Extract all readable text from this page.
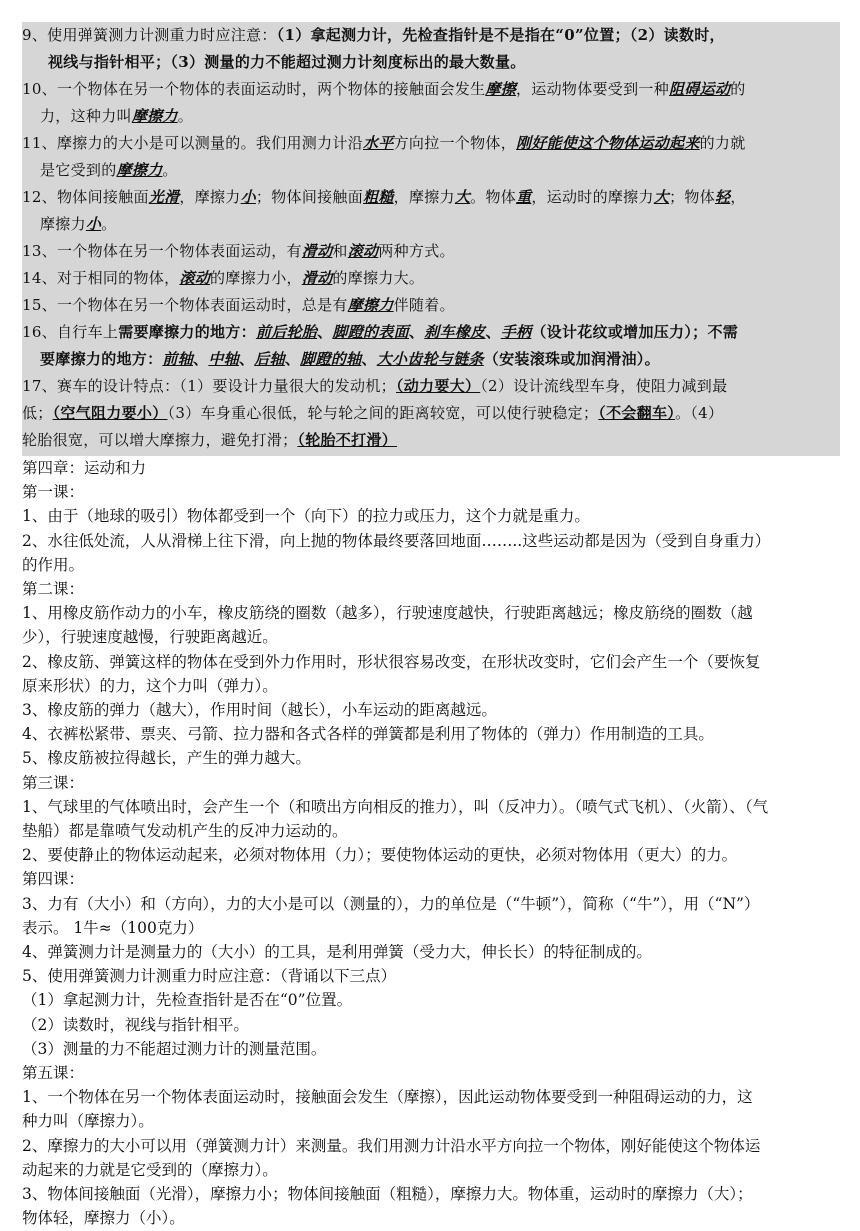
9、使用弹簧测力计测重力时应注意：（1）拿起测力计，先检查指针是不是指在“0”位置；（2）读数时，
视线与指针相平；（3）测量的力不能超过测力计刻度标出的最大数量。
10、一个物体在另一个物体的表面运动时，两个物体的接触面会发生摩擦，运动物体要受到一种阻碍运动的
力，这种力叫摩擦力。
11、摩擦力的大小是可以测量的。我们用测力计沿水平方向拉一个物体，刚好能使这个物体运动起来的力就
是它受到的摩擦力。
12、物体间接触面光滑，摩擦力小；物体间接触面粗糙，摩擦力大。物体重，运动时的摩擦力大；物体轻，
摩擦力小。
13、一个物体在另一个物体表面运动，有滑动和滚动两种方式。
14、对于相同的物体，滚动的摩擦力小，滑动的摩擦力大。
15、一个物体在另一个物体表面运动时，总是有摩擦力伴随着。
16、自行车上需要摩擦力的地方：前后轮胎、脚蹬的表面、刹车橡皮、手柄（设计花纹或增加压力）；不需
要摩擦力的地方：前轴、中轴、后轴、脚蹬的轴、大小齿轮与链条（安装滚珠或加润滑油）。
17、赛车的设计特点：（1）要设计力量很大的发动机；（动力要大）（2）设计流线型车身，使阻力减到最
低；（空气阻力要小）（3）车身重心很低，轮与轮之间的距离较宽，可以使行驶稳定；（不会翻车）。（4）
轮胎很宽，可以增大摩擦力，避免打滑；（轮胎不打滑）

第四章：运动和力

第一课：

1、由于（地球的吸引）物体都受到一个（向下）的拉力或压力，这个力就是重力。

2、水往低处流，人从滑梯上往下滑，向上抛的物体最终要落回地面……..这些运动都是因为（受到自身重力）

的作用。

第二课：

1、用橡皮筋作动力的小车，橡皮筋绕的圈数（越多），行驶速度越快，行驶距离越远；橡皮筋绕的圈数（越

少），行驶速度越慢，行驶距离越近。

2、橡皮筋、弹簧这样的物体在受到外力作用时，形状很容易改变，在形状改变时，它们会产生一个（要恢复

原来形状）的力，这个力叫（弹力）。

3、橡皮筋的弹力（越大），作用时间（越长），小车运动的距离越远。

4、衣裤松紧带、票夹、弓箭、拉力器和各式各样的弹簧都是利用了物体的（弹力）作用制造的工具。

5、橡皮筋被拉得越长，产生的弹力越大。

第三课：

1、气球里的气体喷出时，会产生一个（和喷出方向相反的推力），叫（反冲力）。（喷气式飞机）、（火箭）、（气

垫船）都是靠喷气发动机产生的反冲力运动的。

2、要使静止的物体运动起来，必须对物体用（力）；要使物体运动的更快，必须对物体用（更大）的力。

第四课：

3、力有（大小）和（方向），力的大小是可以（测量的），力的单位是（“牛顿”），简称（“牛”），用（“N”）

表示。 1牛≈（100克力）

4、弹簧测力计是测量力的（大小）的工具，是利用弹簧（受力大，伸长长）的特征制成的。

5、使用弹簧测力计测重力时应注意：（背诵以下三点）

（1）拿起测力计，先检查指针是否在“0”位置。

（2）读数时，视线与指针相平。

（3）测量的力不能超过测力计的测量范围。

第五课：

1、一个物体在另一个物体表面运动时，接触面会发生（摩擦），因此运动物体要受到一种阻碍运动的力，这

种力叫（摩擦力）。

2、摩擦力的大小可以用（弹簧测力计）来测量。我们用测力计沿水平方向拉一个物体，刚好能使这个物体运

动起来的力就是它受到的（摩擦力）。

3、物体间接触面（光滑），摩擦力小；物体间接触面（粗糙），摩擦力大。物体重，运动时的摩擦力（大）；

物体轻，摩擦力（小）。
